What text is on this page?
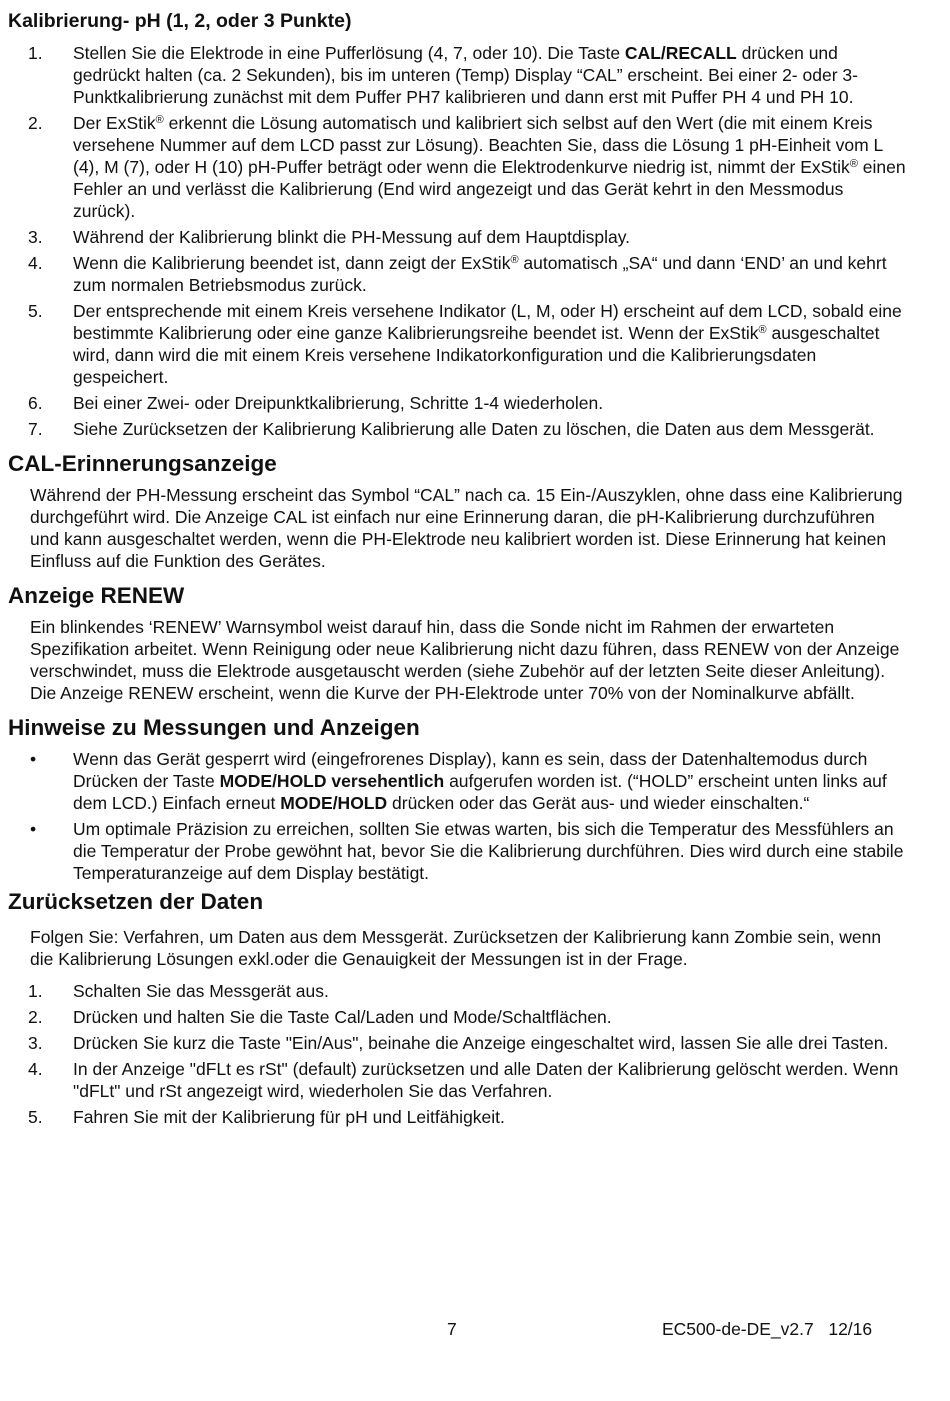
Kalibrierung- pH (1, 2, oder 3 Punkte)
1.	Stellen Sie die Elektrode in eine Pufferlösung (4, 7, oder 10). Die Taste CAL/RECALL drücken und gedrückt halten (ca. 2 Sekunden), bis im unteren (Temp) Display “CAL” erscheint. Bei einer 2- oder 3-Punktkalibrierung zunächst mit dem Puffer PH7 kalibrieren und dann erst mit Puffer PH 4 und PH 10.
2.	Der ExStik® erkennt die Lösung automatisch und kalibriert sich selbst auf den Wert (die mit einem Kreis versehene Nummer auf dem LCD passt zur Lösung). Beachten Sie, dass die Lösung 1 pH-Einheit vom L (4), M (7), oder H (10) pH-Puffer beträgt oder wenn die Elektrodenkurve niedrig ist, nimmt der ExStik® einen Fehler an und verlässt die Kalibrierung (End wird angezeigt und das Gerät kehrt in den Messmodus zurück).
3.	Während der Kalibrierung blinkt die PH-Messung auf dem Hauptdisplay.
4.	Wenn die Kalibrierung beendet ist, dann zeigt der ExStik® automatisch „SA“ und dann ‘END’ an und kehrt zum normalen Betriebsmodus zurück.
5.	Der entsprechende mit einem Kreis versehene Indikator (L, M, oder H) erscheint auf dem LCD, sobald eine bestimmte Kalibrierung oder eine ganze Kalibrierungsreihe beendet ist. Wenn der ExStik® ausgeschaltet wird, dann wird die mit einem Kreis versehene Indikatorkonfiguration und die Kalibrierungsdaten gespeichert.
6.	Bei einer Zwei- oder Dreipunktkalibrierung, Schritte 1-4 wiederholen.
7.	Siehe Zurücksetzen der Kalibrierung Kalibrierung alle Daten zu löschen, die Daten aus dem Messgerät.
CAL-Erinnerungsanzeige

Während der PH-Messung erscheint das Symbol “CAL” nach ca. 15 Ein-/Auszyklen, ohne dass eine Kalibrierung durchgeführt wird. Die Anzeige CAL ist einfach nur eine Erinnerung daran, die pH-Kalibrierung durchzuführen und kann ausgeschaltet werden, wenn die PH-Elektrode neu kalibriert worden ist. Diese Erinnerung hat keinen Einfluss auf die Funktion des Gerätes.

Anzeige RENEW

Ein blinkendes ‘RENEW’ Warnsymbol weist darauf hin, dass die Sonde nicht im Rahmen der erwarteten Spezifikation arbeitet. Wenn Reinigung oder neue Kalibrierung nicht dazu führen, dass RENEW von der Anzeige verschwindet, muss die Elektrode ausgetauscht werden (siehe Zubehör auf der letzten Seite dieser Anleitung). Die Anzeige RENEW erscheint, wenn die Kurve der PH-Elektrode unter 70% von der Nominalkurve abfällt.

Hinweise zu Messungen und Anzeigen
• Wenn das Gerät gesperrt wird (eingefrorenes Display), kann es sein, dass der Datenhaltemodus durch Drücken der Taste MODE/HOLD versehentlich aufgerufen worden ist. (“HOLD” erscheint unten links auf dem LCD.) Einfach erneut MODE/HOLD drücken oder das Gerät aus- und wieder einschalten.“
• Um optimale Präzision zu erreichen, sollten Sie etwas warten, bis sich die Temperatur des Messfühlers an die Temperatur der Probe gewöhnt hat, bevor Sie die Kalibrierung durchführen. Dies wird durch eine stabile Temperaturanzeige auf dem Display bestätigt.
Zurücksetzen der Daten

Folgen Sie: Verfahren, um Daten aus dem Messgerät. Zurücksetzen der Kalibrierung kann Zombie sein, wenn die Kalibrierung Lösungen exkl.oder die Genauigkeit der Messungen ist in der Frage.

1.	Schalten Sie das Messgerät aus.
2.	Drücken und halten Sie die Taste Cal/Laden und Mode/Schaltflächen.
3.	Drücken Sie kurz die Taste "Ein/Aus", beinahe die Anzeige eingeschaltet wird, lassen Sie alle drei Tasten.
4.	In der Anzeige "dFLt es rSt" (default) zurücksetzen und alle Daten der Kalibrierung gelöscht werden. Wenn "dFLt" und rSt angezeigt wird, wiederholen Sie das Verfahren.
5.	Fahren Sie mit der Kalibrierung für pH und Leitfähigkeit.
7	EC500-de-DE_v2.7   12/16
